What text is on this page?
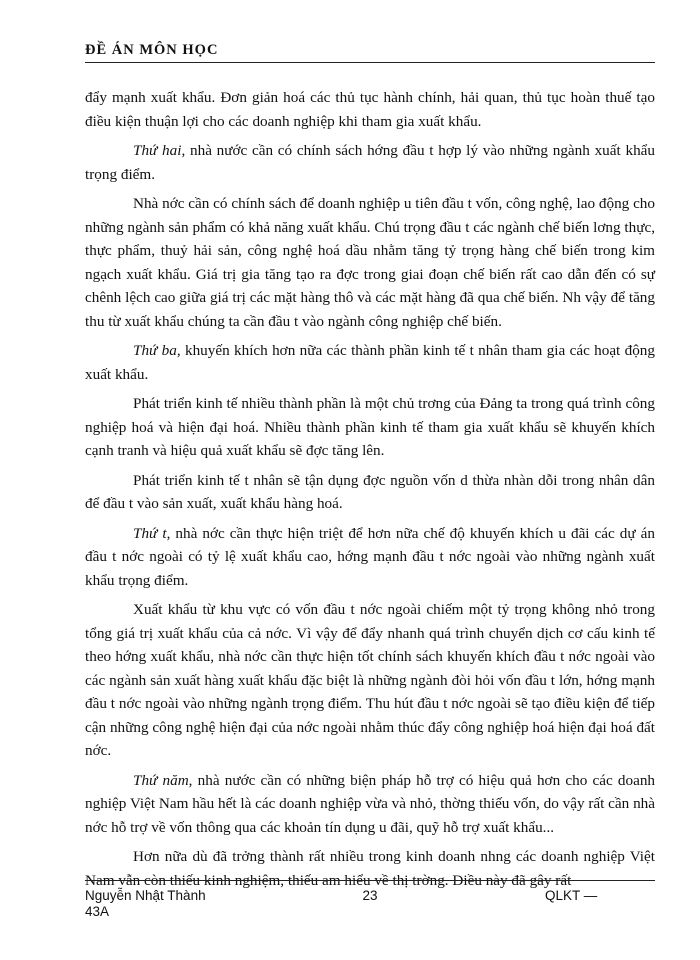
ĐỀ ÁN MÔN HỌC

đẩy mạnh xuất khẩu. Đơn giản hoá các thủ tục hành chính, hải quan, thủ tục hoàn thuế tạo điều kiện thuận lợi cho các doanh nghiệp khi tham gia xuất khẩu.

Thứ hai, nhà nước cần có chính sách hớng đầu t hợp lý vào những ngành xuất khẩu trọng điểm.

Nhà nớc cần có chính sách để doanh nghiệp u tiên đầu t vốn, công nghệ, lao động cho những ngành sản phẩm có khả năng xuất khẩu. Chú trọng đầu t các ngành chế biến lơng thực, thực phẩm, thuỷ hải sản, công nghệ hoá dầu nhằm tăng tỷ trọng hàng chế biến trong kim ngạch xuất khẩu. Giá trị gia tăng tạo ra đợc trong giai đoạn chế biến rất cao dẫn đến có sự chênh lệch cao giữa giá trị các mặt hàng thô và các mặt hàng đã qua chế biến. Nh vậy để tăng thu từ xuất khẩu chúng ta cần đầu t vào ngành công nghiệp chế biến.

Thứ ba, khuyến khích hơn nữa các thành phần kinh tế t nhân tham gia các hoạt động xuất khẩu.

Phát triển kinh tế nhiều thành phần là một chủ trơng của Đảng ta trong quá trình công nghiệp hoá và hiện đại hoá. Nhiều thành phần kinh tế tham gia xuất khẩu sẽ khuyến khích cạnh tranh và hiệu quả xuất khẩu sẽ đợc tăng lên.

Phát triển kinh tế t nhân sẽ tận dụng đợc nguồn vốn d thừa nhàn dỗi trong nhân dân để đầu t vào sản xuất, xuất khẩu hàng hoá.

Thứ t, nhà nớc cần thực hiện triệt để hơn nữa chế độ khuyến khích u đãi các dự án đầu t nớc ngoài có tỷ lệ xuất khẩu cao, hớng mạnh đầu t nớc ngoài vào những ngành xuất khẩu trọng điểm.

Xuất khẩu từ khu vực có vốn đầu t nớc ngoài chiếm một tỷ trọng không nhỏ trong tổng giá trị xuất khẩu của cả nớc. Vì vậy để đẩy nhanh quá trình chuyển dịch cơ cấu kinh tế theo hớng xuất khẩu, nhà nớc cần thực hiện tốt chính sách khuyến khích đầu t nớc ngoài vào các ngành sản xuất hàng xuất khẩu đặc biệt là những ngành đòi hỏi vốn đầu t lớn, hớng mạnh đầu t nớc ngoài vào những ngành trọng điểm. Thu hút đầu t nớc ngoài sẽ tạo điều kiện để tiếp cận những công nghệ hiện đại của nớc ngoài nhằm thúc đẩy công nghiệp hoá hiện đại hoá đất nớc.

Thứ năm, nhà nước cần có những biện pháp hỗ trợ có hiệu quả hơn cho các doanh nghiệp Việt Nam hầu hết là các doanh nghiệp vừa và nhỏ, thờng thiếu vốn, do vậy rất cần nhà nớc hỗ trợ về vốn thông qua các khoản tín dụng u đãi, quỹ hỗ trợ xuất khẩu...

Hơn nữa dù đã trởng thành rất nhiều trong kinh doanh nhng các doanh nghiệp Việt Nam vẫn còn thiếu kinh nghiệm, thiếu am hiểu về thị trờng. Điều này đã gây rất

Nguyễn Nhật Thành 43A
23	QLKT —
